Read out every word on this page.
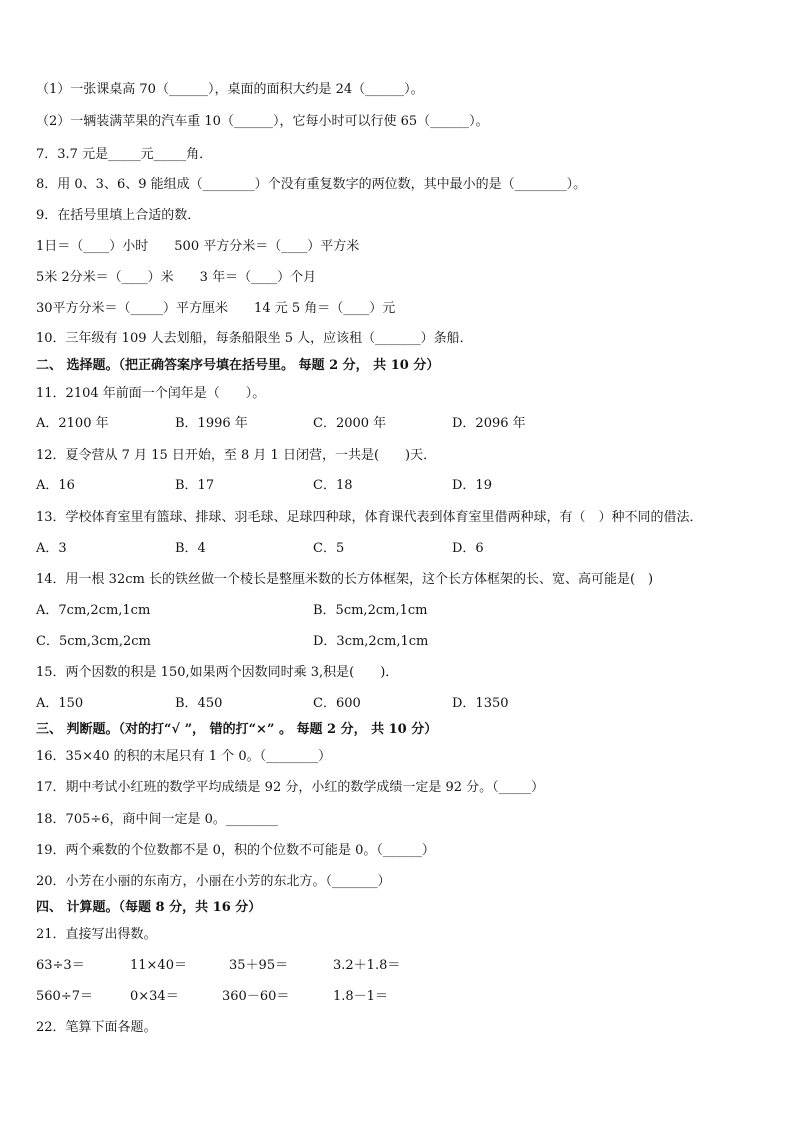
（1）一张课桌高 70（______），桌面的面积大约是 24（______）。
（2）一辆装满苹果的汽车重 10（______），它每小时可以行使 65（______）。
7．3.7 元是_____元_____角．
8．用 0、3、6、9 能组成（________）个没有重复数字的两位数，其中最小的是（________）。
9．在括号里填上合适的数．
1日＝（____）小时　　500 平方分米＝（____）平方米
5米 2分米＝（____）米　　3 年＝（____）个月
30平方分米＝（_____）平方厘米　　14 元 5 角＝（____）元
10．三年级有 109 人去划船，每条船限坐 5 人，应该租（_______）条船．
二、 选择题。（把正确答案序号填在括号里。 每题 2 分， 共 10 分）
11．2104 年前面一个闰年是（　　）。
A．2100 年	B．1996 年	C．2000 年	D．2096 年
12．夏令营从 7 月 15 日开始，至 8 月 1 日闭营，一共是(　　)天．
A．16	B．17	C．18	D．19
13．学校体育室里有篮球、排球、羽毛球、足球四种球，体育课代表到体育室里借两种球，有（　）种不同的借法．
A．3	B．4	C．5	D．6
14．用一根 32cm 长的铁丝做一个棱长是整厘米数的长方体框架，这个长方体框架的长、宽、高可能是(　)
A．7cm,2cm,1cm	B．5cm,2cm,1cm
C．5cm,3cm,2cm	D．3cm,2cm,1cm
15．两个因数的积是 150,如果两个因数同时乘 3,积是(　　)．
A．150	B．450	C．600	D．1350
三、 判断题。（对的打“√ ”， 错的打“×” 。 每题 2 分， 共 10 分）
16．35×40 的积的末尾只有 1 个 0。（________）
17．期中考试小红班的数学平均成绩是 92 分，小红的数学成绩一定是 92 分。（_____）
18．705÷6，商中间一定是 0。________
19．两个乘数的个位数都不是 0，积的个位数不可能是 0。（______）
20．小芳在小丽的东南方，小丽在小芳的东北方。（_______）
四、 计算题。（每题 8 分，共 16 分）
21．直接写出得数。
63÷3＝	11×40＝	35＋95＝	3.2＋1.8＝
560÷7＝	0×34＝	360－60＝	1.8－1＝
22．笔算下面各题。
